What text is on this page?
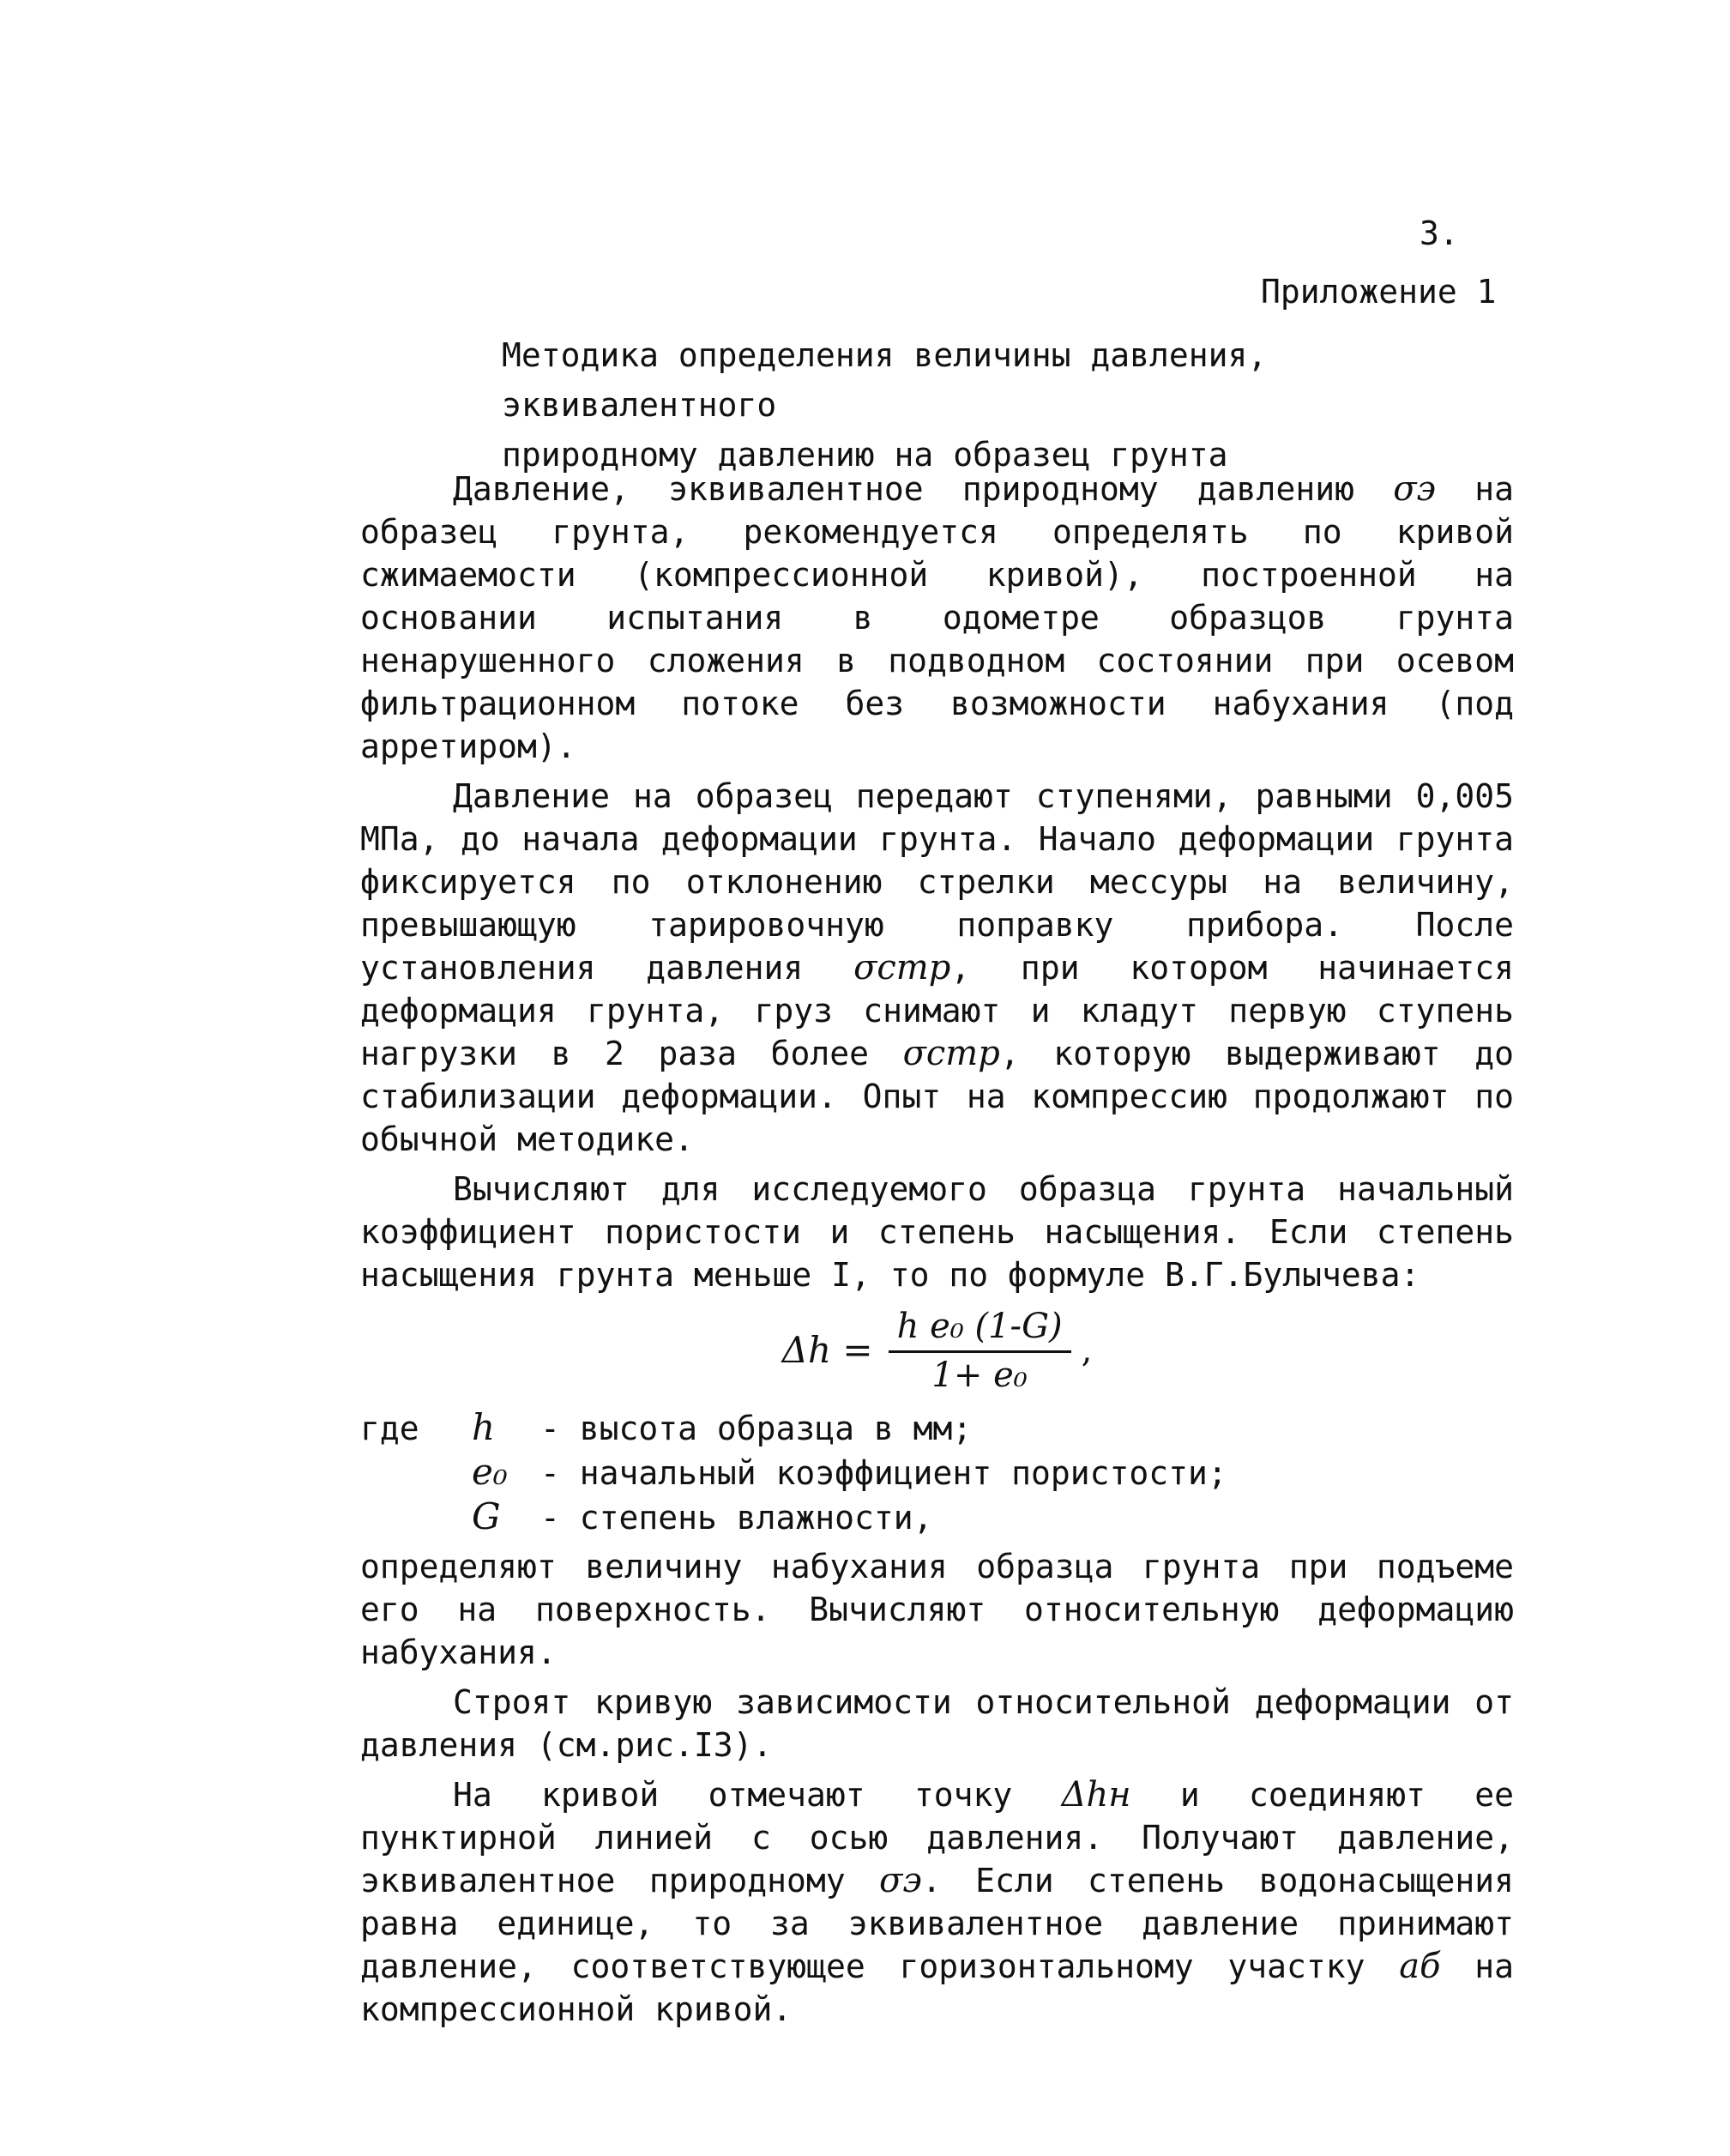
3.
Приложение 1
Методика определения величины давления, эквивалентного
природному давлению на образец грунта

Давление, эквивалентное природному давлению σэ на образец грунта, рекомендуется определять по кривой сжимаемости (компрессионной кривой), построенной на основании испытания в одометре образцов грунта ненарушенного сложения в подводном состоянии при осевом фильтрационном потоке без возможности набухания (под арретиром).

Давление на образец передают ступенями, равными 0,005 МПа, до начала деформации грунта. Начало деформации грунта фиксируется по отклонению стрелки мессуры на величину, превышающую тарировочную поправку прибора. После установления давления σстр, при котором начинается деформация грунта, груз снимают и кладут первую ступень нагрузки в 2 раза более σстр, которую выдерживают до стабилизации деформации. Опыт на компрессию продолжают по обычной методике.

Вычисляют для исследуемого образца грунта начальный коэффициент пористости и степень насыщения. Если степень насыщения грунта меньше I, то по формуле В.Г.Булычева:

$\Delta h = \frac{\text{h e₀ (1-G)}}{\text{1+ e₀}}$ ,
где	h	- высота образца в мм;
e₀	- начальный коэффициент пористости;
G	- степень влажности,

определяют величину набухания образца грунта при подъеме его на поверхность. Вычисляют относительную деформацию набухания.

Строят кривую зависимости относительной деформации от давления (см.рис.I3).

На кривой отмечают точку Δhн и соединяют ее пунктирной линией с осью давления. Получают давление, эквивалентное природному σэ. Если степень водонасыщения равна единице, то за эквивалентное давление принимают давление, соответствующее горизонтальному участку аб на компрессионной кривой.
